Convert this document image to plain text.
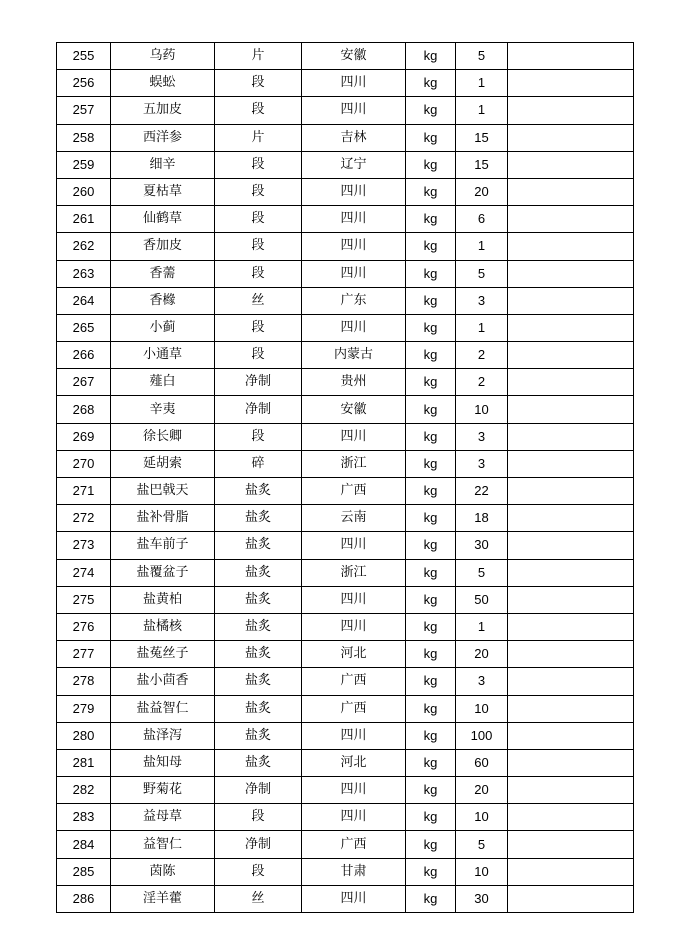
255	乌药	片	安徽	kg	5	
256	蜈蚣	段	四川	kg	1	
257	五加皮	段	四川	kg	1	
258	西洋参	片	吉林	kg	15	
259	细辛	段	辽宁	kg	15	
260	夏枯草	段	四川	kg	20	
261	仙鹤草	段	四川	kg	6	
262	香加皮	段	四川	kg	1	
263	香薷	段	四川	kg	5	
264	香橼	丝	广东	kg	3	
265	小蓟	段	四川	kg	1	
266	小通草	段	内蒙古	kg	2	
267	薤白	净制	贵州	kg	2	
268	辛夷	净制	安徽	kg	10	
269	徐长卿	段	四川	kg	3	
270	延胡索	碎	浙江	kg	3	
271	盐巴戟天	盐炙	广西	kg	22	
272	盐补骨脂	盐炙	云南	kg	18	
273	盐车前子	盐炙	四川	kg	30	
274	盐覆盆子	盐炙	浙江	kg	5	
275	盐黄柏	盐炙	四川	kg	50	
276	盐橘核	盐炙	四川	kg	1	
277	盐菟丝子	盐炙	河北	kg	20	
278	盐小茴香	盐炙	广西	kg	3	
279	盐益智仁	盐炙	广西	kg	10	
280	盐泽泻	盐炙	四川	kg	100	
281	盐知母	盐炙	河北	kg	60	
282	野菊花	净制	四川	kg	20	
283	益母草	段	四川	kg	10	
284	益智仁	净制	广西	kg	5	
285	茵陈	段	甘肃	kg	10	
286	淫羊藿	丝	四川	kg	30	
